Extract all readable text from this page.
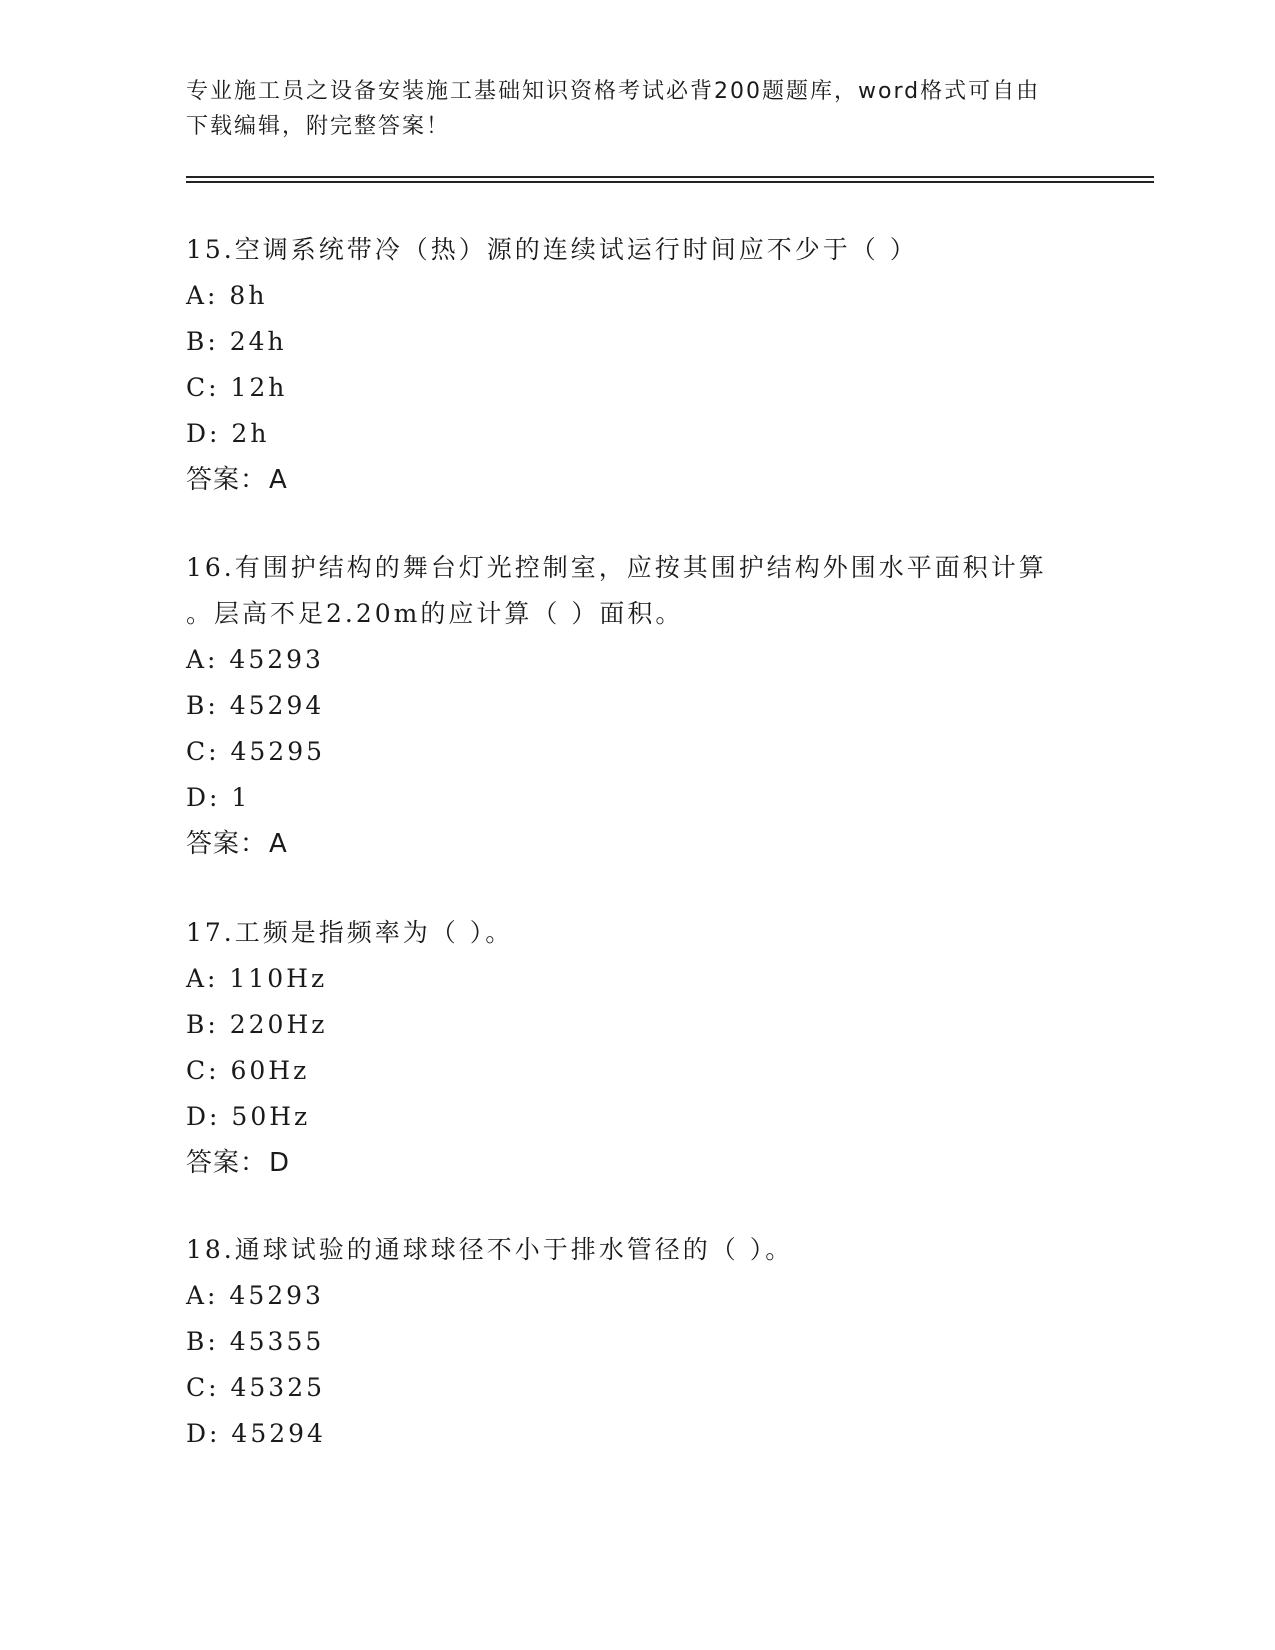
专业施工员之设备安装施工基础知识资格考试必背200题题库，word格式可自由
下载编辑，附完整答案！
15.空调系统带冷（热）源的连续试运行时间应不少于（ ）
A: 8h
B: 24h
C: 12h
D: 2h
答案：A
16.有围护结构的舞台灯光控制室，应按其围护结构外围水平面积计算
。层高不足2.20m的应计算（ ）面积。
A: 45293
B: 45294
C: 45295
D: 1
答案：A
17.工频是指频率为（ ）。
A: 110Hz
B: 220Hz
C: 60Hz
D: 50Hz
答案：D
18.通球试验的通球球径不小于排水管径的（ ）。
A: 45293
B: 45355
C: 45325
D: 45294
